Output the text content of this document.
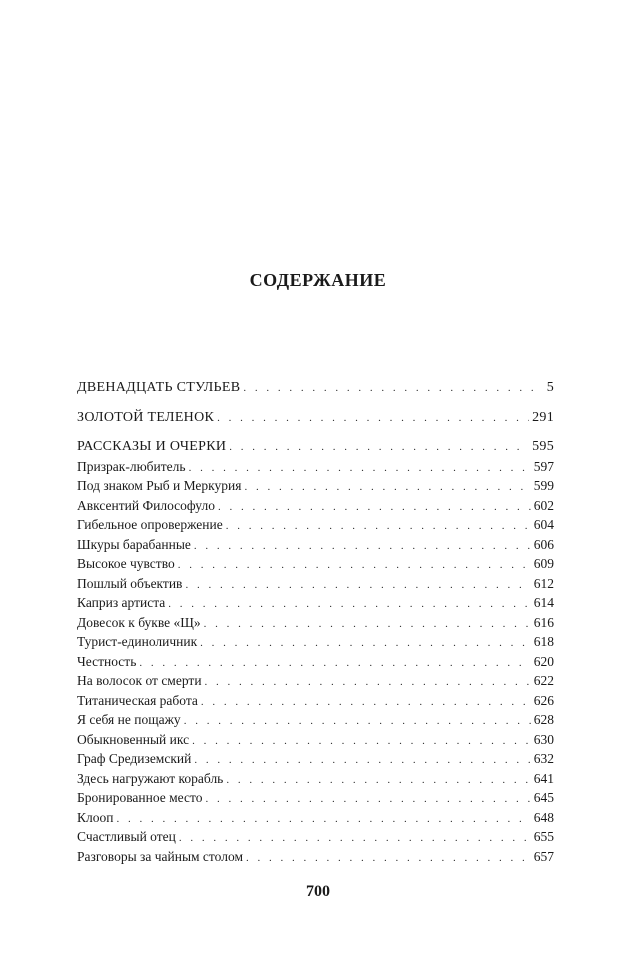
СОДЕРЖАНИЕ
ДВЕНАДЦАТЬ СТУЛЬЕВ . . .	5
ЗОЛОТОЙ ТЕЛЕНОК . . .	291
РАССКАЗЫ И ОЧЕРКИ . . .	595
Призрак-любитель . . .	597
Под знаком Рыб и Меркурия . . .	599
Авксентий Философуло . . .	602
Гибельное опровержение . . .	604
Шкуры барабанные . . .	606
Высокое чувство . . .	609
Пошлый объектив . . .	612
Каприз артиста . . .	614
Довесок к букве «Щ» . . .	616
Турист-единоличник . . .	618
Честность . . .	620
На волосок от смерти . . .	622
Титаническая работа . . .	626
Я себя не пощажу . . .	628
Обыкновенный икс . . .	630
Граф Средиземский . . .	632
Здесь нагружают корабль . . .	641
Бронированное место . . .	645
Клооп . . .	648
Счастливый отец . . .	655
Разговоры за чайным столом . . .	657
700
